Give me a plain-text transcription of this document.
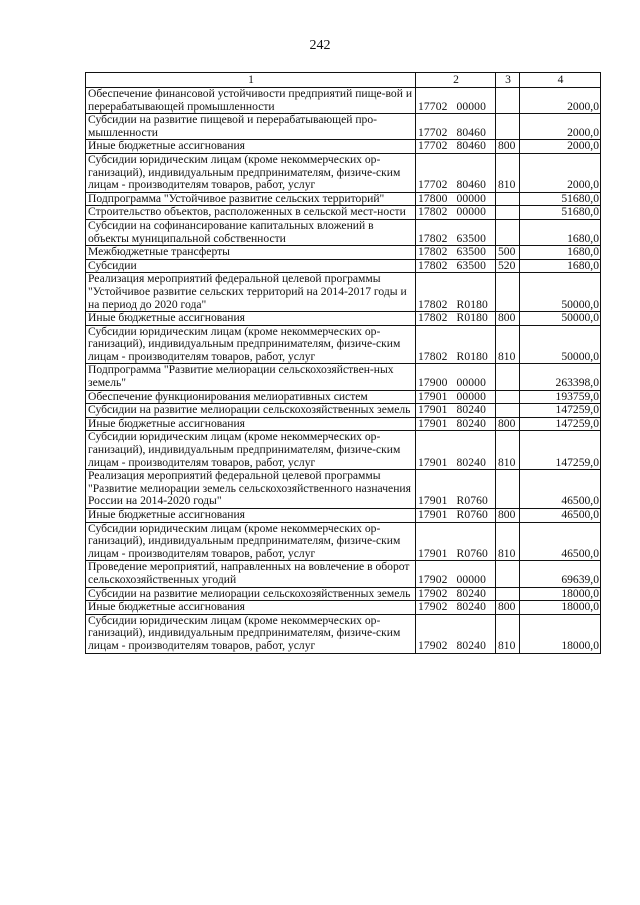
242
1	2	3	4
Обеспечение финансовой устойчивости предприятий пище-вой и перерабатывающей промышленности	17702 00000		2000,0
Субсидии на развитие пищевой и перерабатывающей про-мышленности	17702 80460		2000,0
Иные бюджетные ассигнования	17702 80460	800	2000,0
Субсидии юридическим лицам (кроме некоммерческих ор-ганизаций), индивидуальным предпринимателям, физиче-ским лицам - производителям товаров, работ, услуг	17702 80460	810	2000,0
Подпрограмма "Устойчивое развитие сельских территорий"	17800 00000		51680,0
Строительство объектов, расположенных в сельской мест-ности	17802 00000		51680,0
Субсидии на софинансирование капитальных вложений в объекты муниципальной собственности	17802 63500		1680,0
Межбюджетные трансферты	17802 63500	500	1680,0
Субсидии	17802 63500	520	1680,0
Реализация мероприятий федеральной целевой программы "Устойчивое развитие сельских территорий на 2014-2017 годы и на период до 2020 года"	17802 R0180		50000,0
Иные бюджетные ассигнования	17802 R0180	800	50000,0
Субсидии юридическим лицам (кроме некоммерческих ор-ганизаций), индивидуальным предпринимателям, физиче-ским лицам - производителям товаров, работ, услуг	17802 R0180	810	50000,0
Подпрограмма "Развитие мелиорации сельскохозяйствен-ных земель"	17900 00000		263398,0
Обеспечение функционирования мелиоративных систем	17901 00000		193759,0
Субсидии на развитие мелиорации сельскохозяйственных земель	17901 80240		147259,0
Иные бюджетные ассигнования	17901 80240	800	147259,0
Субсидии юридическим лицам (кроме некоммерческих ор-ганизаций), индивидуальным предпринимателям, физиче-ским лицам - производителям товаров, работ, услуг	17901 80240	810	147259,0
Реализация мероприятий федеральной целевой программы "Развитие мелиорации земель сельскохозяйственного назначения России на 2014-2020 годы"	17901 R0760		46500,0
Иные бюджетные ассигнования	17901 R0760	800	46500,0
Субсидии юридическим лицам (кроме некоммерческих ор-ганизаций), индивидуальным предпринимателям, физиче-ским лицам - производителям товаров, работ, услуг	17901 R0760	810	46500,0
Проведение мероприятий, направленных на вовлечение в оборот сельскохозяйственных угодий	17902 00000		69639,0
Субсидии на развитие мелиорации сельскохозяйственных земель	17902 80240		18000,0
Иные бюджетные ассигнования	17902 80240	800	18000,0
Субсидии юридическим лицам (кроме некоммерческих ор-ганизаций), индивидуальным предпринимателям, физиче-ским лицам - производителям товаров, работ, услуг	17902 80240	810	18000,0
